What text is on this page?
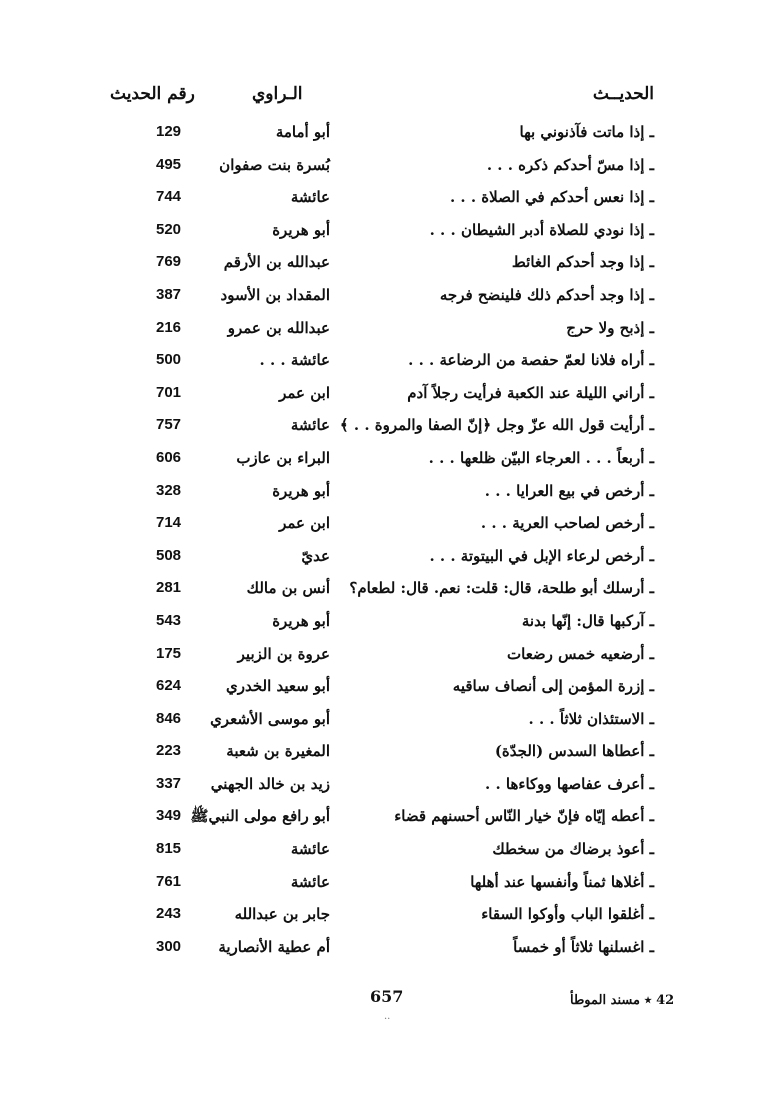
الحديــث
الـراوي
رقم الحديث
ـ إذا ماتت فآذنوني بها
أبو أمامة
129
ـ إذا مسّ أحدكم ذكره . . .
بُسرة بنت صفوان
495
ـ إذا نعس أحدكم في الصلاة . . .
عائشة
744
ـ إذا نودي للصلاة أدبر الشيطان . . .
أبو هريرة
520
ـ إذا وجد أحدكم الغائط
عبدالله بن الأرقم
769
ـ إذا وجد أحدكم ذلك فلينضح فرجه
المقداد بن الأسود
387
ـ إذبح ولا حرج
عبدالله بن عمرو
216
ـ أراه فلانا لعمّ حفصة من الرضاعة . . .
عائشة . . .
500
ـ أراني الليلة عند الكعبة فرأيت رجلاً آدم
ابن عمر
701
ـ أرأيت قول الله عزّ وجل ﴿إنّ الصفا والمروة . . ﴾
عائشة
757
ـ أربعاً . . . العرجاء البيّن ظلعها . . .
البراء بن عازب
606
ـ أرخص في بيع العرايا . . .
أبو هريرة
328
ـ أرخص لصاحب العرية . . .
ابن عمر
714
ـ أرخص لرعاء الإبل في البيتوتة . . .
عديّ
508
ـ أرسلك أبو طلحة، قال: قلت: نعم. قال: لطعام؟
أنس بن مالك
281
ـ آركبها قال: إنّها بدنة
أبو هريرة
543
ـ أرضعيه خمس رضعات
عروة بن الزبير
175
ـ إزرة المؤمن إلى أنصاف ساقيه
أبو سعيد الخدري
624
ـ الاستئذان ثلاثاً . . .
أبو موسى الأشعري
846
ـ أعطاها السدس (الجدّة)
المغيرة بن شعبة
223
ـ أعرف عفاصها ووكاءها . .
زيد بن خالد الجهني
337
ـ أعطه إيّاه فإنّ خيار النّاس أحسنهم قضاء
أبو رافع مولى النبيﷺ
349
ـ أعوذ برضاك من سخطك
عائشة
815
ـ أغلاها ثمناً وأنفسها عند أهلها
عائشة
761
ـ أغلقوا الباب وأوكوا السقاء
جابر بن عبدالله
243
ـ اغسلنها ثلاثاً أو خمساً
أم عطية الأنصارية
300
657
..
42 ٭ مسند الموطأ
